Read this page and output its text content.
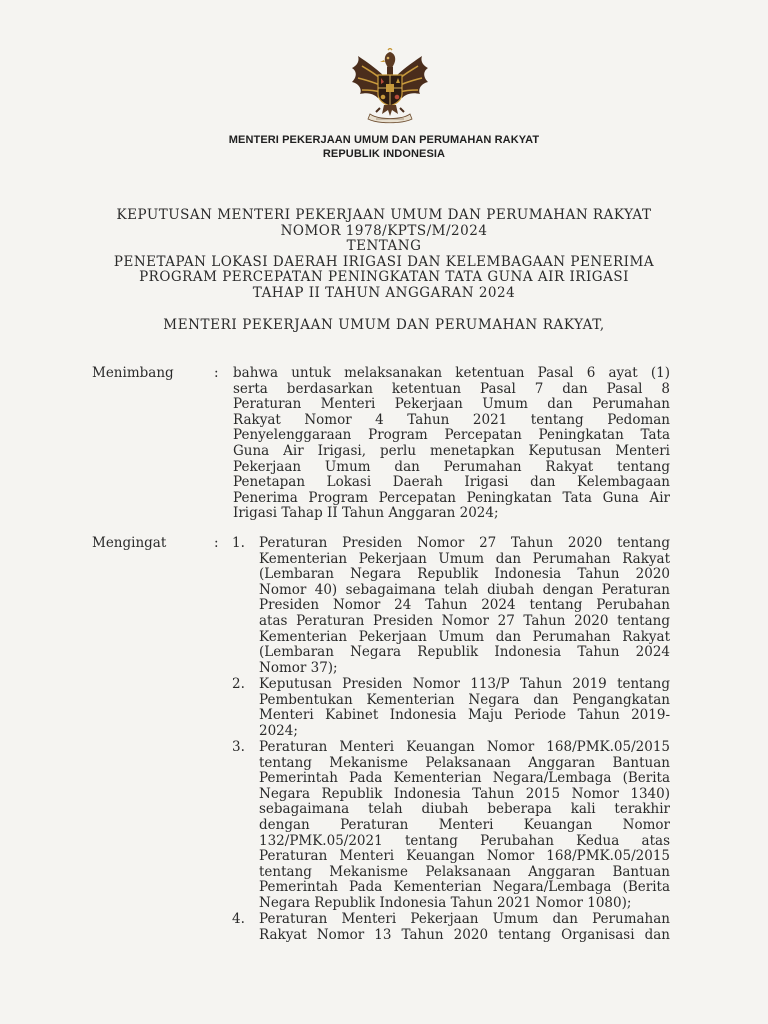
MENTERI PEKERJAAN UMUM DAN PERUMAHAN RAKYAT
REPUBLIK INDONESIA
KEPUTUSAN MENTERI PEKERJAAN UMUM DAN PERUMAHAN RAKYAT
NOMOR 1978/KPTS/M/2024
TENTANG
PENETAPAN LOKASI DAERAH IRIGASI DAN KELEMBAGAAN PENERIMA
PROGRAM PERCEPATAN PENINGKATAN TATA GUNA AIR IRIGASI
TAHAP II TAHUN ANGGARAN 2024
MENTERI PEKERJAAN UMUM DAN PERUMAHAN RAKYAT,
Menimbang	: bahwa untuk melaksanakan ketentuan Pasal 6 ayat (1)
serta berdasarkan ketentuan Pasal 7 dan Pasal 8
Peraturan Menteri Pekerjaan Umum dan Perumahan
Rakyat Nomor 4 Tahun 2021 tentang Pedoman
Penyelenggaraan Program Percepatan Peningkatan Tata
Guna Air Irigasi, perlu menetapkan Keputusan Menteri
Pekerjaan Umum dan Perumahan Rakyat tentang
Penetapan Lokasi Daerah Irigasi dan Kelembagaan
Penerima Program Percepatan Peningkatan Tata Guna Air
Irigasi Tahap II Tahun Anggaran 2024;
Mengingat	: 1. Peraturan Presiden Nomor 27 Tahun 2020 tentang
Kementerian Pekerjaan Umum dan Perumahan Rakyat
(Lembaran Negara Republik Indonesia Tahun 2020
Nomor 40) sebagaimana telah diubah dengan Peraturan
Presiden Nomor 24 Tahun 2024 tentang Perubahan
atas Peraturan Presiden Nomor 27 Tahun 2020 tentang
Kementerian Pekerjaan Umum dan Perumahan Rakyat
(Lembaran Negara Republik Indonesia Tahun 2024
Nomor 37);
2. Keputusan Presiden Nomor 113/P Tahun 2019 tentang
Pembentukan Kementerian Negara dan Pengangkatan
Menteri Kabinet Indonesia Maju Periode Tahun 2019-
2024;
3. Peraturan Menteri Keuangan Nomor 168/PMK.05/2015
tentang Mekanisme Pelaksanaan Anggaran Bantuan
Pemerintah Pada Kementerian Negara/Lembaga (Berita
Negara Republik Indonesia Tahun 2015 Nomor 1340)
sebagaimana telah diubah beberapa kali terakhir
dengan Peraturan Menteri Keuangan Nomor
132/PMK.05/2021 tentang Perubahan Kedua atas
Peraturan Menteri Keuangan Nomor 168/PMK.05/2015
tentang Mekanisme Pelaksanaan Anggaran Bantuan
Pemerintah Pada Kementerian Negara/Lembaga (Berita
Negara Republik Indonesia Tahun 2021 Nomor 1080);
4. Peraturan Menteri Pekerjaan Umum dan Perumahan
Rakyat Nomor 13 Tahun 2020 tentang Organisasi dan
